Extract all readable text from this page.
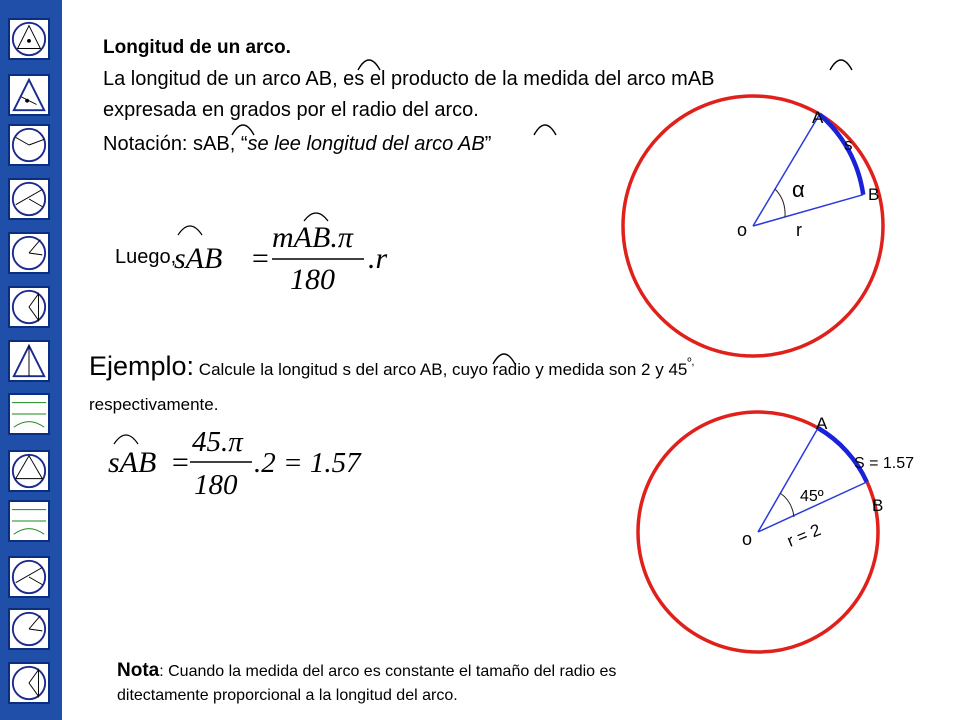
Longitud de un arco.
La longitud de un arco AB, es el producto de la medida del arco mAB
expresada en grados por el radio del arco.
Notación: sAB, “se lee longitud del arco AB”
Luego,
sAB =
mAB.π
180
.r
A
s
B
α
o	r
Ejemplo: Calcule la longitud s del arco AB, cuyo radio y medida son 2 y $45^{º,}$
respectivamente.
sAB =
45.π
180
.2 = 1.57
A
S = 1.57
B
45º
o r = 2
Nota: Cuando la medida del arco es constante el tamaño del radio es
ditectamente proporcional a la longitud del arco.
